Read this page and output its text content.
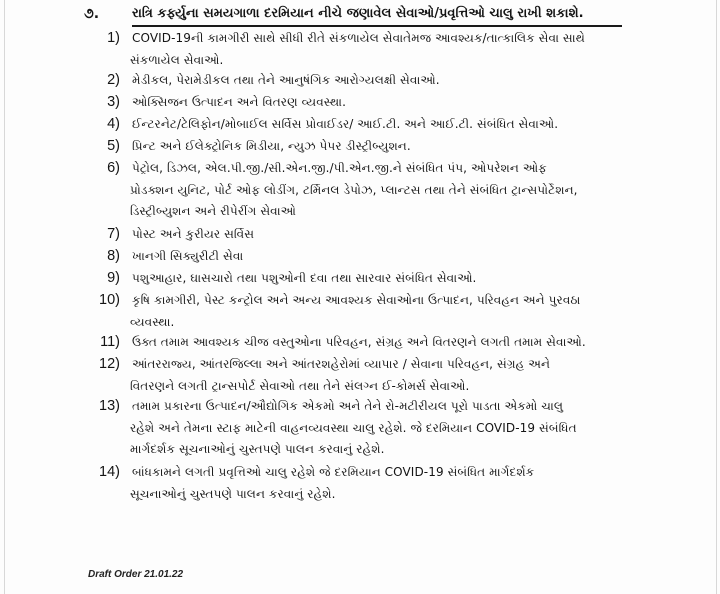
૭.	રાત્રિ કર્ફ્યુના સમયગાળા દરમિયાન નીચે જણાવેલ સેવાઓ/પ્રવૃત્તિઓ ચાલુ રાખી શકાશે.
1) COVID-19ની કામગીરી સાથે સીધી રીતે સંકળાયેલ સેવાતેમજ આવશ્યક/તાત્કાલિક સેવા સાથે
સંકળાયેલ સેવાઓ.
2) મેડીકલ, પેરામેડીકલ તથા તેને આનુષંગિક આરોગ્યલક્ષી સેવાઓ.
3) ઓક્સિજન ઉત્પાદન અને વિતરણ વ્યવસ્થા.
4) ઈન્ટરનેટ/ટેલિફોન/મોબાઈલ સર્વિસ પ્રોવાઈડર/ આઈ.ટી. અને આઈ.ટી. સંબંધિત સેવાઓ.
5) પ્રિન્ટ અને ઈલેક્ટ્રોનિક મિડીયા, ન્યુઝ પેપર ડીસ્ટ્રીબ્યુશન.
6) પેટ્રોલ, ડિઝલ, એલ.પી.જી./સી.એન.જી./પી.એન.જી.ને સંબંધિત પંપ, ઓપરેશન ઓફ
પ્રોડક્શન યુનિટ, પોર્ટ ઓફ લોડીંગ, ટર્મિનલ ડેપોઝ, પ્લાન્ટસ તથા તેને સંબંધિત ટ્રાન્સપોર્ટેશન,
ડિસ્ટ્રીબ્યુશન અને રીપેરીંગ સેવાઓ
7) પોસ્ટ અને કુરીયર સર્વિસ
8) ખાનગી સિક્યુરીટી સેવા
9) પશુઆહાર, ઘાસચારો તથા પશુઓની દવા તથા સારવાર સંબંધિત સેવાઓ.
10) કૃષિ કામગીરી, પેસ્ટ કન્ટ્રોલ અને અન્ય આવશ્યક સેવાઓના ઉત્પાદન, પરિવહન અને પુરવઠા
વ્યવસ્થા.
11) ઉક્ત તમામ આવશ્યક ચીજ વસ્તુઓના પરિવહન, સંગ્રહ અને વિતરણને લગતી તમામ સેવાઓ.
12) આંતરરાજ્ય, આંતરજિલ્લા અને આંતરશહેરોમાં વ્યાપાર / સેવાના પરિવહન, સંગ્રહ અને
વિતરણને લગતી ટ્રાન્સપોર્ટ સેવાઓ તથા તેને સંલગ્ન ઈ-કોમર્સ સેવાઓ.
13) તમામ પ્રકારના ઉત્પાદન/ઔદ્યોગિક એકમો અને તેને રો-મટીરીયલ પૂરો પાડતા એકમો ચાલુ
રહેશે અને તેમના સ્ટાફ માટેની વાહનવ્યવસ્થા ચાલુ રહેશે. જે દરમિયાન COVID-19 સંબંધિત
માર્ગદર્શક સૂચનાઓનું ચુસ્તપણે પાલન કરવાનું રહેશે.
14) બાંધકામને લગતી પ્રવૃત્તિઓ ચાલુ રહેશે જે દરમિયાન COVID-19 સંબંધિત માર્ગદર્શક
સૂચનાઓનું ચુસ્તપણે પાલન કરવાનું રહેશે.
Draft Order 21.01.22
